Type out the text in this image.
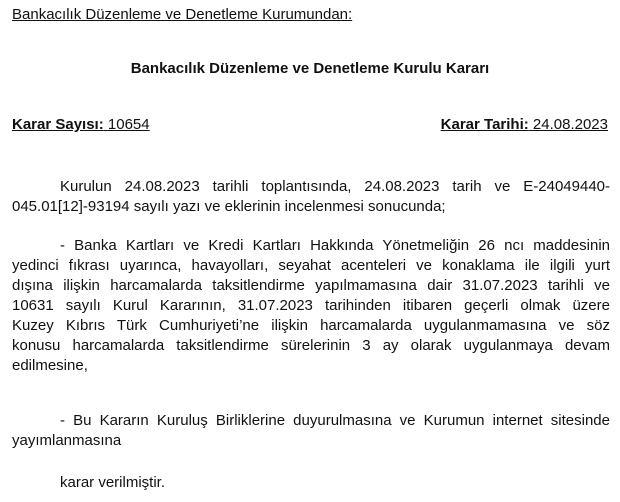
Bankacılık Düzenleme ve Denetleme Kurumundan:
Bankacılık Düzenleme ve Denetleme Kurulu Kararı
Karar Sayısı: 10654	Karar Tarihi: 24.08.2023
Kurulun 24.08.2023 tarihli toplantısında, 24.08.2023 tarih ve E-24049440-
045.01[12]-93194 sayılı yazı ve eklerinin incelenmesi sonucunda;
- Banka Kartları ve Kredi Kartları Hakkında Yönetmeliğin 26 ncı maddesinin
yedinci fıkrası uyarınca, havayolları, seyahat acenteleri ve konaklama ile ilgili yurt
dışına ilişkin harcamalarda taksitlendirme yapılmamasına dair 31.07.2023 tarihli ve
10631 sayılı Kurul Kararının, 31.07.2023 tarihinden itibaren geçerli olmak üzere
Kuzey Kıbrıs Türk Cumhuriyeti’ne ilişkin harcamalarda uygulanmamasına ve söz
konusu harcamalarda taksitlendirme sürelerinin 3 ay olarak uygulanmaya devam
edilmesine,
- Bu Kararın Kuruluş Birliklerine duyurulmasına ve Kurumun internet sitesinde
yayımlanmasına
karar verilmiştir.
